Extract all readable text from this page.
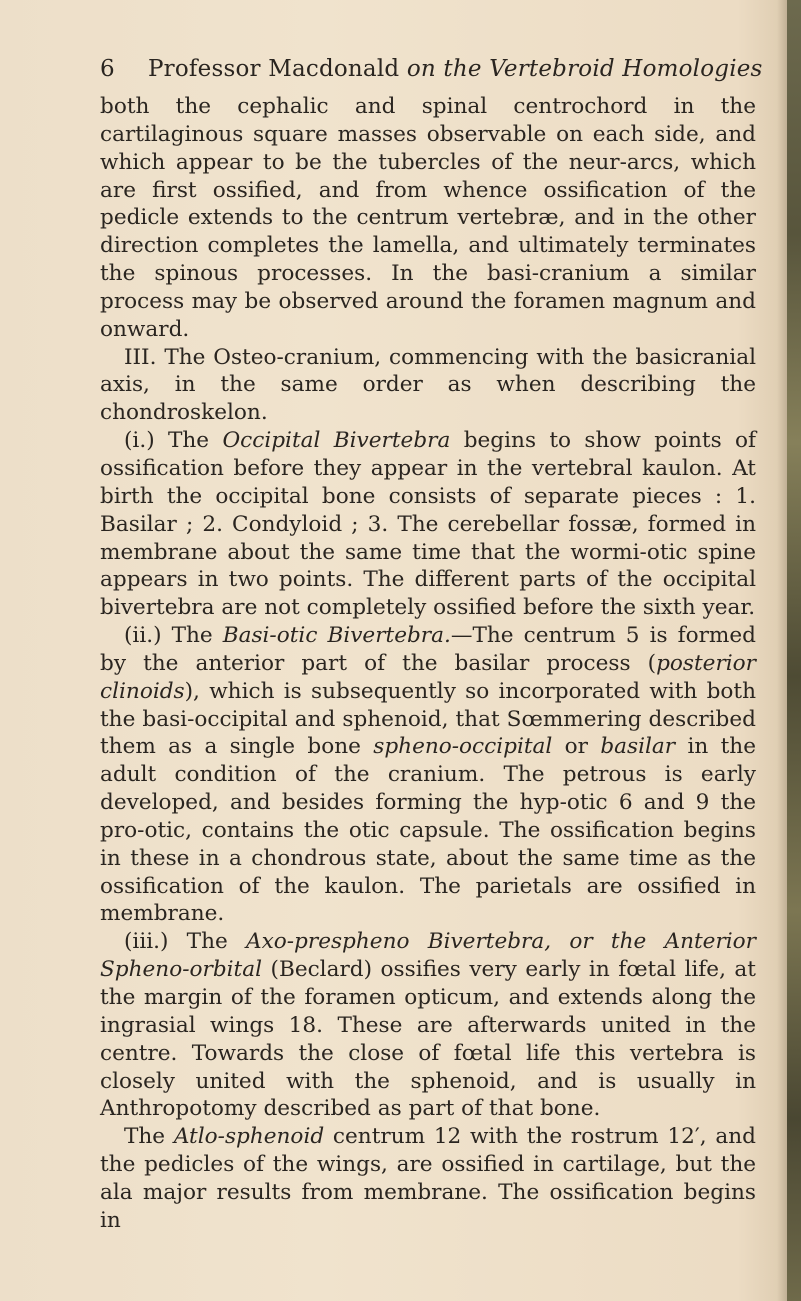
6 Professor Macdonald on the Vertebroid Homologies

both the cephalic and spinal centrochord in the cartilaginous square masses observable on each side, and which appear to be the tubercles of the neur-arcs, which are first ossified, and from whence ossification of the pedicle extends to the centrum vertebræ, and in the other direction completes the lamella, and ultimately terminates the spinous processes. In the basi-cranium a similar process may be observed around the foramen magnum and onward.

III. The Osteo-cranium, commencing with the basicranial axis, in the same order as when describing the chondroskelon.

(i.) The Occipital Bivertebra begins to show points of ossification before they appear in the vertebral kaulon. At birth the occipital bone consists of separate pieces : 1. Basilar ; 2. Condyloid ; 3. The cerebellar fossæ, formed in membrane about the same time that the wormi-otic spine appears in two points. The different parts of the occipital bivertebra are not completely ossified before the sixth year.

(ii.) The Basi-otic Bivertebra.—The centrum 5 is formed by the anterior part of the basilar process (posterior clinoids), which is subsequently so incorporated with both the basi-occipital and sphenoid, that Sœmmering described them as a single bone spheno-occipital or basilar in the adult condition of the cranium. The petrous is early developed, and besides forming the hyp-otic 6 and 9 the pro-otic, contains the otic capsule. The ossification begins in these in a chondrous state, about the same time as the ossification of the kaulon. The parietals are ossified in membrane.

(iii.) The Axo-prespheno Bivertebra, or the Anterior Spheno-orbital (Beclard) ossifies very early in fœtal life, at the margin of the foramen opticum, and extends along the ingrasial wings 18. These are afterwards united in the centre. Towards the close of fœtal life this vertebra is closely united with the sphenoid, and is usually in Anthropotomy described as part of that bone.

The Atlo-sphenoid centrum 12 with the rostrum 12′, and the pedicles of the wings, are ossified in cartilage, but the ala major results from membrane. The ossification begins in
